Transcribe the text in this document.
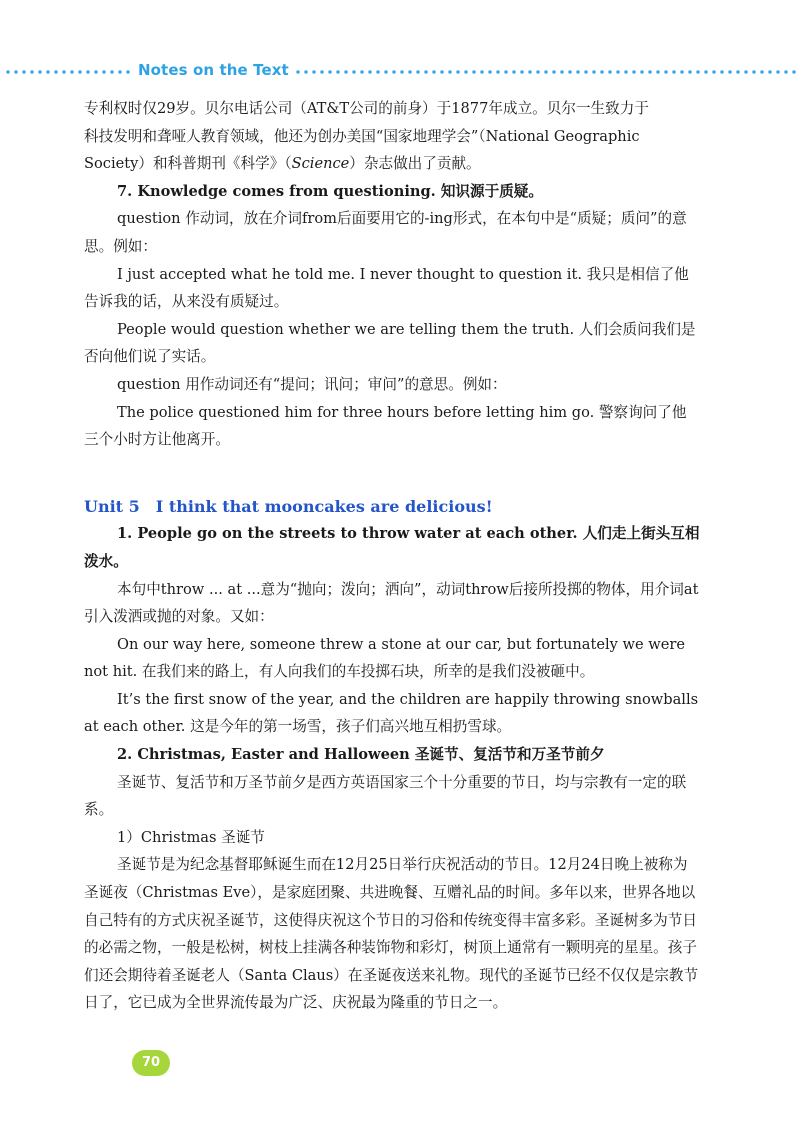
Notes on the Text

专利权时仅29岁。贝尔电话公司（AT&T公司的前身）于1877年成立。贝尔一生致力于

科技发明和聋哑人教育领域，他还为创办美国“国家地理学会”（National Geographic

Society）和科普期刊《科学》（Science）杂志做出了贡献。

7. Knowledge comes from questioning. 知识源于质疑。

question 作动词，放在介词from后面要用它的-ing形式，在本句中是“质疑；质问”的意思。例如：

I just accepted what he told me. I never thought to question it. 我只是相信了他告诉我的话，从来没有质疑过。

People would question whether we are telling them the truth. 人们会质问我们是否向他们说了实话。

question 用作动词还有“提问；讯问；审问”的意思。例如：

The police questioned him for three hours before letting him go. 警察询问了他三个小时方让他离开。

Unit 5 I think that mooncakes are delicious!

1. People go on the streets to throw water at each other. 人们走上街头互相泼水。

本句中throw ... at ...意为“抛向；泼向；洒向”，动词throw后接所投掷的物体，用介词at引入泼洒或抛的对象。又如：

On our way here, someone threw a stone at our car, but fortunately we were not hit. 在我们来的路上，有人向我们的车投掷石块，所幸的是我们没被砸中。

It’s the first snow of the year, and the children are happily throwing snowballs at each other. 这是今年的第一场雪，孩子们高兴地互相扔雪球。

2. Christmas, Easter and Halloween 圣诞节、复活节和万圣节前夕

圣诞节、复活节和万圣节前夕是西方英语国家三个十分重要的节日，均与宗教有一定的联系。

1）Christmas 圣诞节

圣诞节是为纪念基督耶稣诞生而在12月25日举行庆祝活动的节日。12月24日晚上被称为圣诞夜（Christmas Eve），是家庭团聚、共进晚餐、互赠礼品的时间。多年以来，世界各地以自己特有的方式庆祝圣诞节，这使得庆祝这个节日的习俗和传统变得丰富多彩。圣诞树多为节日的必需之物，一般是松树，树枝上挂满各种装饰物和彩灯，树顶上通常有一颗明亮的星星。孩子们还会期待着圣诞老人（Santa Claus）在圣诞夜送来礼物。现代的圣诞节已经不仅仅是宗教节日了，它已成为全世界流传最为广泛、庆祝最为隆重的节日之一。

70
